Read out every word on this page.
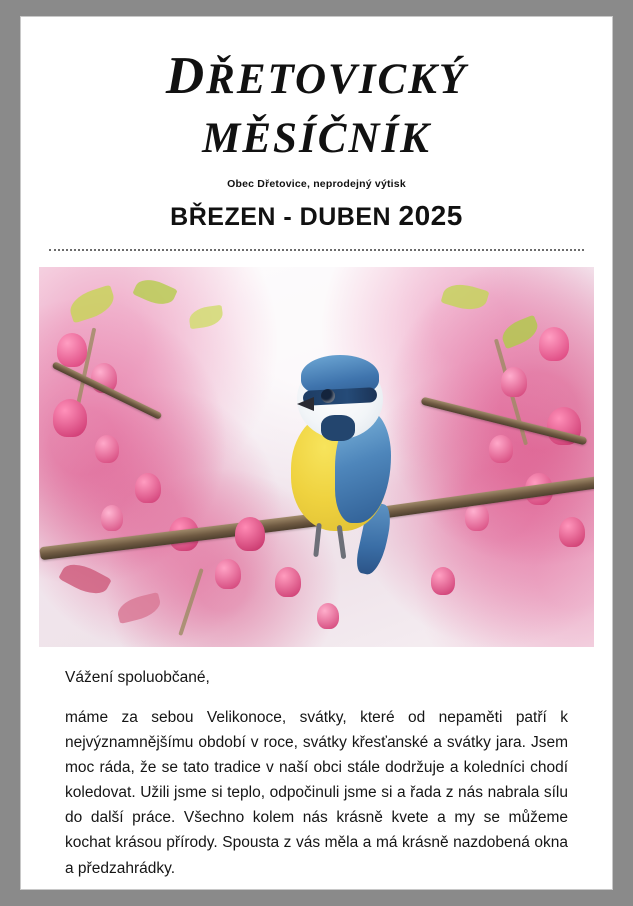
DŘETOVICKÝ
MĚSÍČNÍK
Obec Dřetovice, neprodejný výtisk
BŘEZEN - DUBEN 2025

Vážení spoluobčané,

máme za sebou Velikonoce, svátky, které od nepaměti patří k nejvýznamnějšímu období v roce, svátky křesťanské a svátky jara. Jsem moc ráda, že se tato tradice v naší obci stále dodržuje a koledníci chodí koledovat. Užili jsme si teplo, odpočinuli jsme si a řada z nás nabrala sílu do další práce. Všechno kolem nás krásně kvete a my se můžeme kochat krásou přírody. Spousta z vás měla a má krásně nazdobená okna a předzahrádky.
